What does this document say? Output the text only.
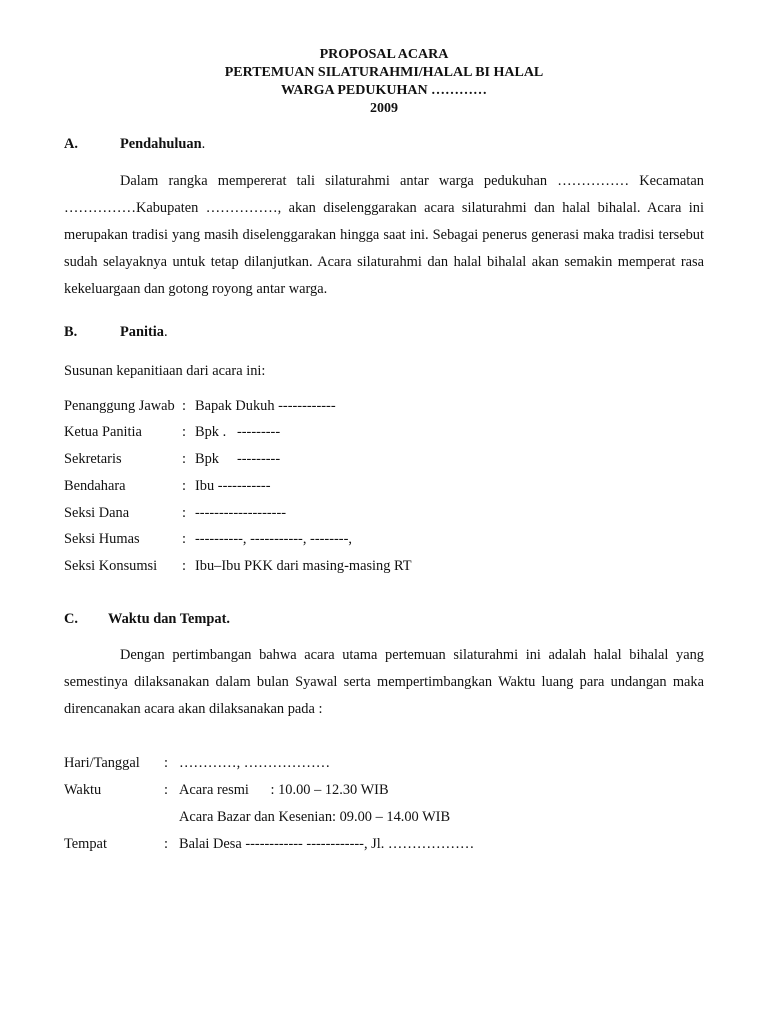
PROPOSAL ACARA
PERTEMUAN SILATURAHMI/HALAL BI HALAL
WARGA PEDUKUHAN …………
2009
A.	Pendahuluan.
Dalam rangka mempererat tali silaturahmi antar warga pedukuhan …………… Kecamatan ……………Kabupaten ……………, akan diselenggarakan acara silaturahmi dan halal bihalal. Acara ini merupakan tradisi yang masih diselenggarakan hingga saat ini. Sebagai penerus generasi maka tradisi tersebut sudah selayaknya untuk tetap dilanjutkan. Acara silaturahmi dan halal bihalal akan semakin memperat rasa kekeluargaan dan gotong royong antar warga.
B.	Panitia.
Susunan kepanitiaan dari acara ini:
Penanggung Jawab : Bapak Dukuh ------------
Ketua Panitia	: Bpk .   ---------
Sekretaris	: Bpk     ---------
Bendahara	: Ibu -----------
Seksi Dana	: -------------------
Seksi Humas	: ----------, -----------, --------,
Seksi Konsumsi : Ibu–Ibu PKK dari masing-masing RT
C. Waktu dan Tempat.
Dengan pertimbangan bahwa acara utama pertemuan silaturahmi ini adalah halal bihalal yang semestinya dilaksanakan dalam bulan Syawal serta mempertimbangkan Waktu luang para undangan maka direncanakan acara akan dilaksanakan pada :
Hari/Tanggal : …………, ………………
Waktu	: Acara resmi      : 10.00 – 12.30 WIB
Acara Bazar dan Kesenian: 09.00 – 14.00 WIB
Tempat	: Balai Desa ------------ ------------, Jl. ………………
